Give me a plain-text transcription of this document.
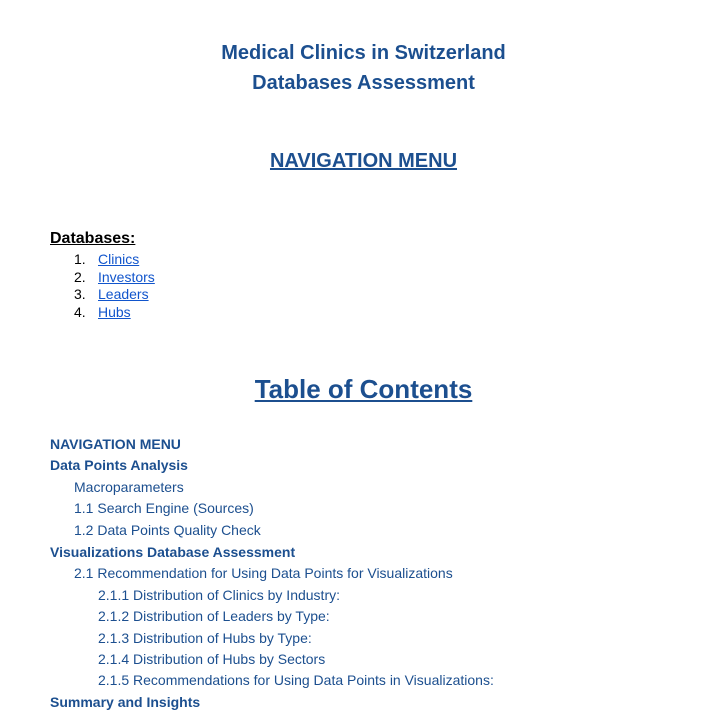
Medical Clinics in Switzerland
Databases Assessment
NAVIGATION MENU
Databases:
1. Clinics
2. Investors
3. Leaders
4. Hubs
Table of Contents
NAVIGATION MENU
Data Points Analysis
Macroparameters
1.1 Search Engine (Sources)
1.2 Data Points Quality Check
Visualizations Database Assessment
2.1 Recommendation for Using Data Points for Visualizations
2.1.1 Distribution of Clinics by Industry:
2.1.2 Distribution of Leaders by Type:
2.1.3 Distribution of Hubs by Type:
2.1.4 Distribution of Hubs by Sectors
2.1.5 Recommendations for Using Data Points in Visualizations:
Summary and Insights
